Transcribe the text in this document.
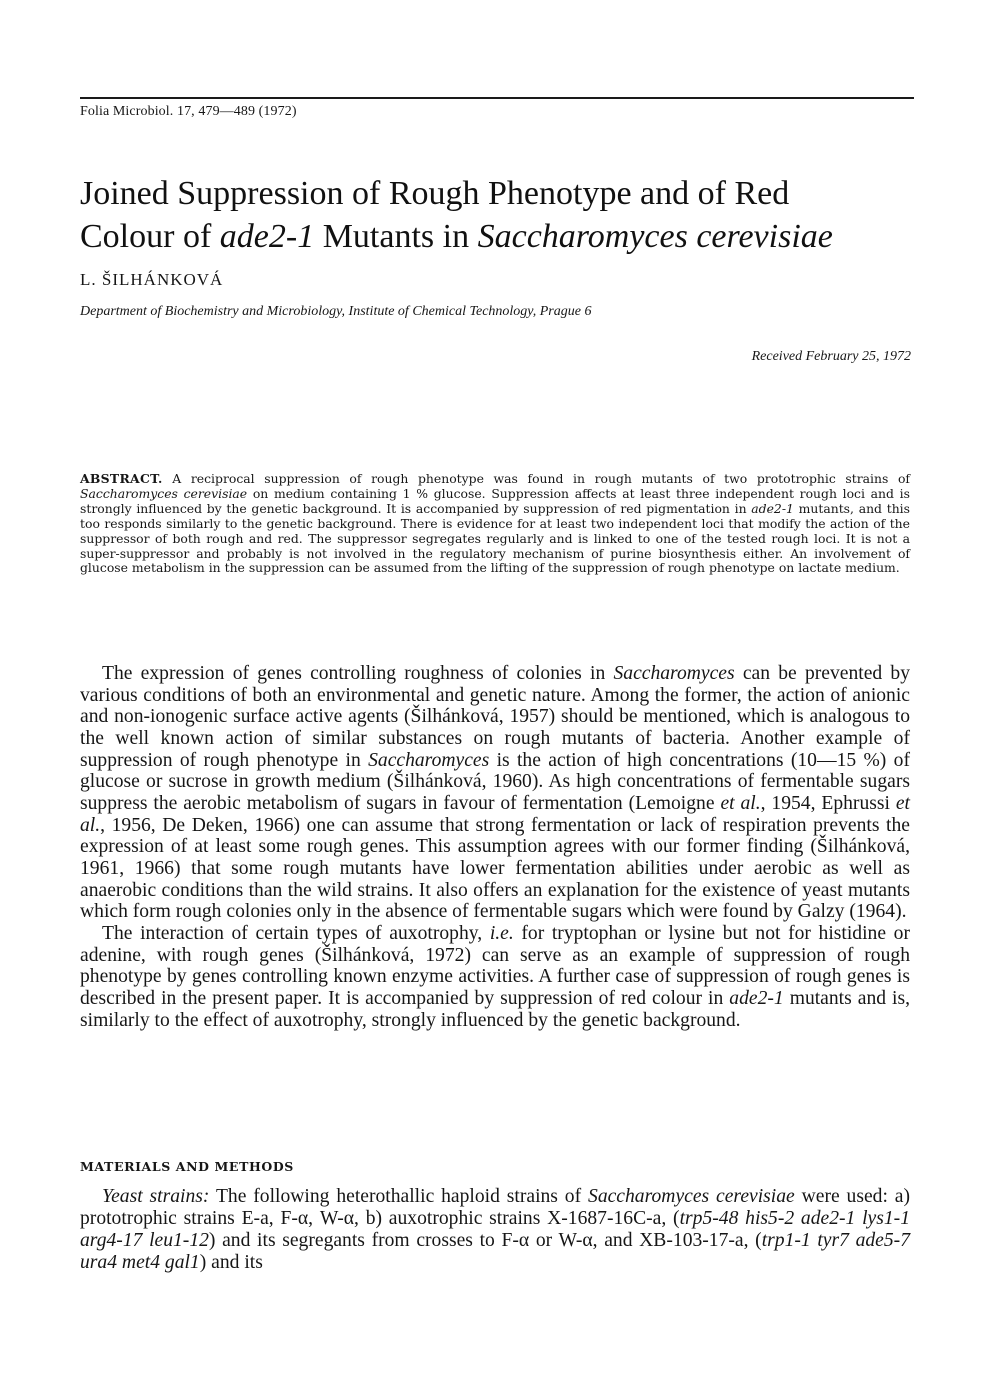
Folia Microbiol. 17, 479—489 (1972)
Joined Suppression of Rough Phenotype and of Red
Colour of ade2-1 Mutants in Saccharomyces cerevisiae
L. ŠILHÁNKOVÁ
Department of Biochemistry and Microbiology, Institute of Chemical Technology, Prague 6
Received February 25, 1972

ABSTRACT. A reciprocal suppression of rough phenotype was found in rough mutants of two prototrophic strains of Saccharomyces cerevisiae on medium containing 1 % glucose. Suppression affects at least three independent rough loci and is strongly influenced by the genetic background. It is accompanied by suppression of red pigmentation in ade2-1 mutants, and this too responds similarly to the genetic background. There is evidence for at least two independent loci that modify the action of the suppressor of both rough and red. The suppressor segregates regularly and is linked to one of the tested rough loci. It is not a super-suppressor and probably is not involved in the regulatory mechanism of purine biosynthesis either. An involvement of glucose metabolism in the suppression can be assumed from the lifting of the suppression of rough phenotype on lactate medium.

The expression of genes controlling roughness of colonies in Saccharomyces can be prevented by various conditions of both an environmental and genetic nature. Among the former, the action of anionic and non-ionogenic surface active agents (Šilhánková, 1957) should be mentioned, which is analogous to the well known action of similar substances on rough mutants of bacteria. Another example of suppression of rough phenotype in Saccharomyces is the action of high concentrations (10—15 %) of glucose or sucrose in growth medium (Šilhánková, 1960). As high concentrations of fermentable sugars suppress the aerobic metabolism of sugars in favour of fermentation (Lemoigne et al., 1954, Ephrussi et al., 1956, De Deken, 1966) one can assume that strong fermentation or lack of respiration prevents the expression of at least some rough genes. This assumption agrees with our former finding (Šilhánková, 1961, 1966) that some rough mutants have lower fermentation abilities under aerobic as well as anaerobic conditions than the wild strains. It also offers an explanation for the existence of yeast mutants which form rough colonies only in the absence of fermentable sugars which were found by Galzy (1964).

The interaction of certain types of auxotrophy, i.e. for tryptophan or lysine but not for histidine or adenine, with rough genes (Šilhánková, 1972) can serve as an example of suppression of rough phenotype by genes controlling known enzyme activities. A further case of suppression of rough genes is described in the present paper. It is accompanied by suppression of red colour in ade2-1 mutants and is, similarly to the effect of auxotrophy, strongly influenced by the genetic background.

MATERIALS AND METHODS

Yeast strains: The following heterothallic haploid strains of Saccharomyces cerevisiae were used: a) prototrophic strains E-a, F-α, W-α, b) auxotrophic strains X-1687-16C-a, (trp5-48 his5-2 ade2-1 lys1-1 arg4-17 leu1-12) and its segregants from crosses to F-α or W-α, and XB-103-17-a, (trp1-1 tyr7 ade5-7 ura4 met4 gal1) and its
